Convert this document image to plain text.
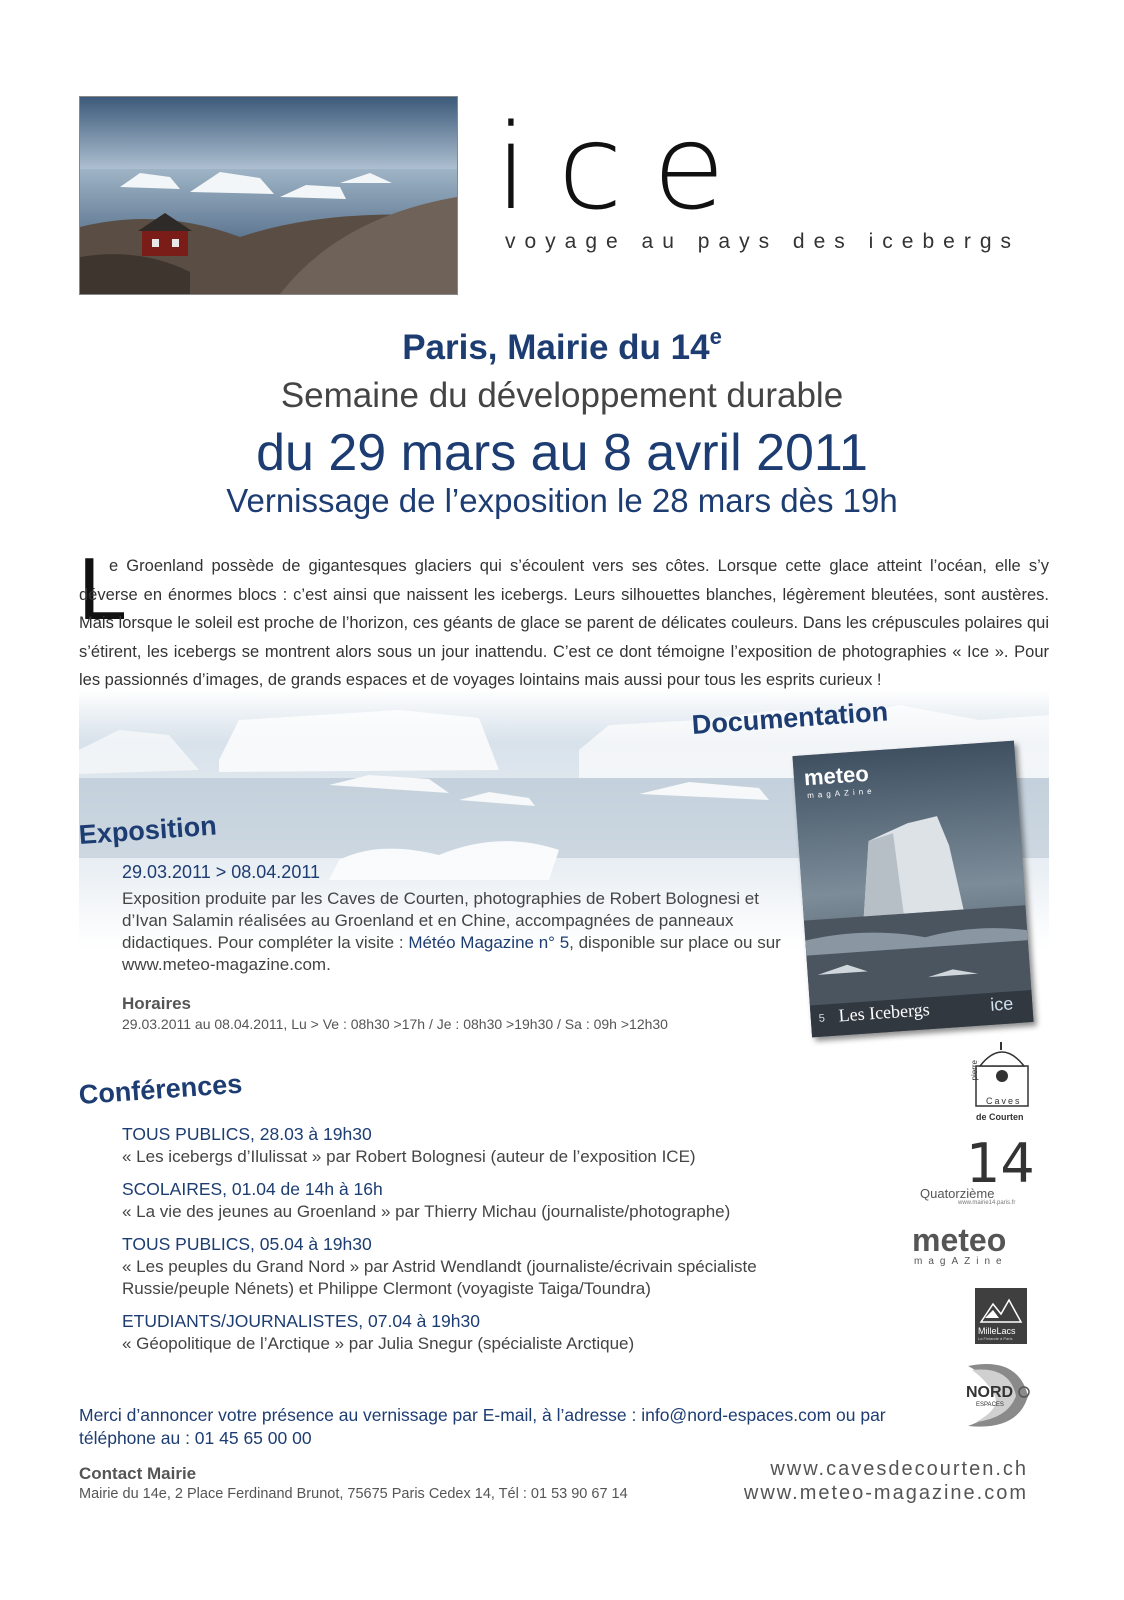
ice
voyage au pays des icebergs
Paris, Mairie du 14e
Semaine du développement durable
du 29 mars au 8 avril 2011
Vernissage de l’exposition le 28 mars dès 19h
L

e Groenland possède de gigantesques glaciers qui s’écoulent vers ses côtes. Lorsque cette glace atteint l’océan, elle s’y déverse en énormes blocs : c’est ainsi que naissent les icebergs. Leurs silhouettes blanches, légèrement bleutées, sont austères. Mais lorsque le soleil est proche de l’horizon, ces géants de glace se parent de délicates couleurs. Dans les crépuscules polaires qui s’étirent, les icebergs se montrent alors sous un jour inattendu. C’est ce dont témoigne l’exposition de photographies « Ice ». Pour les passionnés d’images, de grands espaces et de voyages lointains mais aussi pour tous les esprits curieux !

Documentation
meteo
magAZine
5 Les Icebergs	ice
Exposition
29.03.2011 > 08.04.2011
Exposition produite par les Caves de Courten, photographies de Robert Bolognesi et d’Ivan Salamin réalisées au Groenland et en Chine, accompagnées de panneaux didactiques. Pour compléter la visite : Météo Magazine n° 5, disponible sur place ou sur www.meteo-magazine.com.
Horaires
29.03.2011 au 08.04.2011, Lu > Ve : 08h30 >17h / Je : 08h30 >19h30 / Sa : 09h >12h30
Conférences
TOUS PUBLICS, 28.03 à 19h30
« Les icebergs d’Ilulissat » par Robert Bolognesi (auteur de l’exposition ICE)
SCOLAIRES, 01.04 de 14h à 16h
« La vie des jeunes au Groenland » par Thierry Michau (journaliste/photographe)
TOUS PUBLICS, 05.04 à 19h30
« Les peuples du Grand Nord » par Astrid Wendlandt (journaliste/écrivain spécialiste Russie/peuple Nénets) et Philippe Clermont (voyagiste Taiga/Toundra)
ETUDIANTS/JOURNALISTES, 07.04 à 19h30
« Géopolitique de l’Arctique » par Julia Snegur (spécialiste Arctique)
Merci d’annoncer votre présence au vernissage par E-mail, à l’adresse : info@nord-espaces.com ou par téléphone au : 01 45 65 00 00
Contact Mairie
Mairie du 14e, 2 Place Ferdinand Brunot, 75675 Paris Cedex 14, Tél : 01 53 90 67 14
www.cavesdecourten.ch
www.meteo-magazine.com
pierre
Caves
de Courten
14
Quatorzième
www.mairie14.paris.fr
meteo
magAZine
MilleLacs
La Finlande à Paris
NORD
ESPACES
